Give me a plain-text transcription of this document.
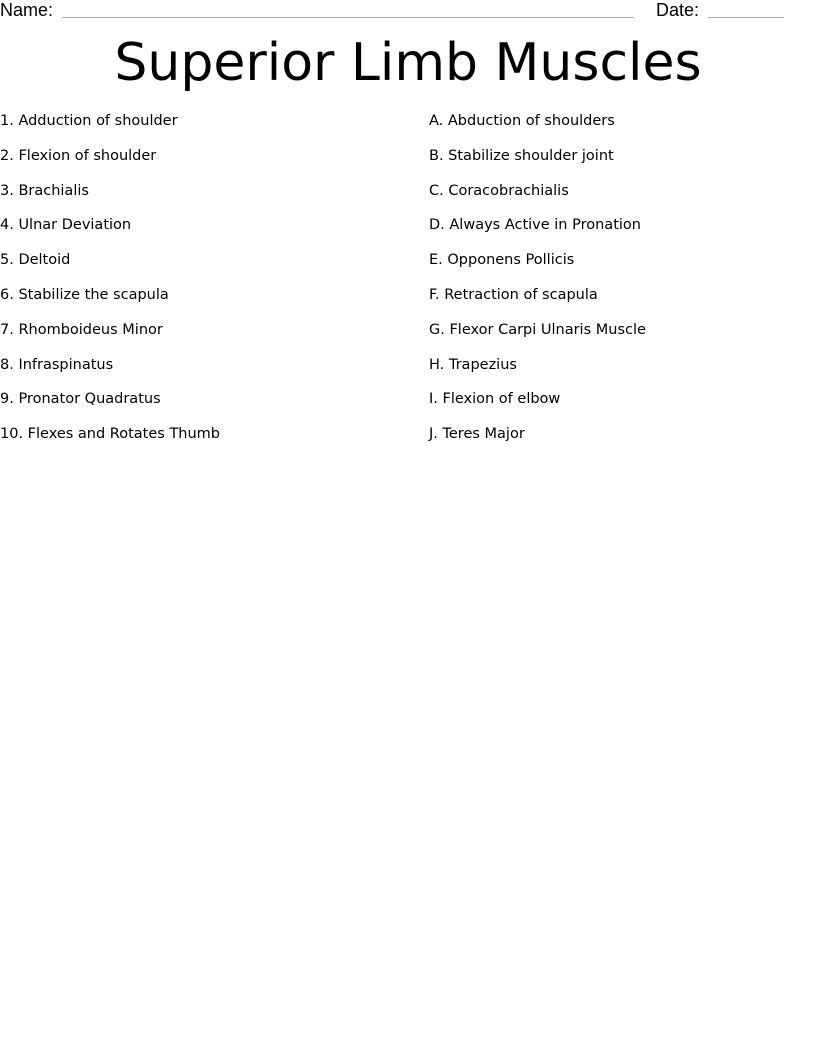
Name:	Date:
Superior Limb Muscles
1. Adduction of shoulder
2. Flexion of shoulder
3. Brachialis
4. Ulnar Deviation
5. Deltoid
6. Stabilize the scapula
7. Rhomboideus Minor
8. Infraspinatus
9. Pronator Quadratus
10. Flexes and Rotates Thumb
A. Abduction of shoulders
B. Stabilize shoulder joint
C. Coracobrachialis
D. Always Active in Pronation
E. Opponens Pollicis
F. Retraction of scapula
G. Flexor Carpi Ulnaris Muscle
H. Trapezius
I. Flexion of elbow
J. Teres Major
